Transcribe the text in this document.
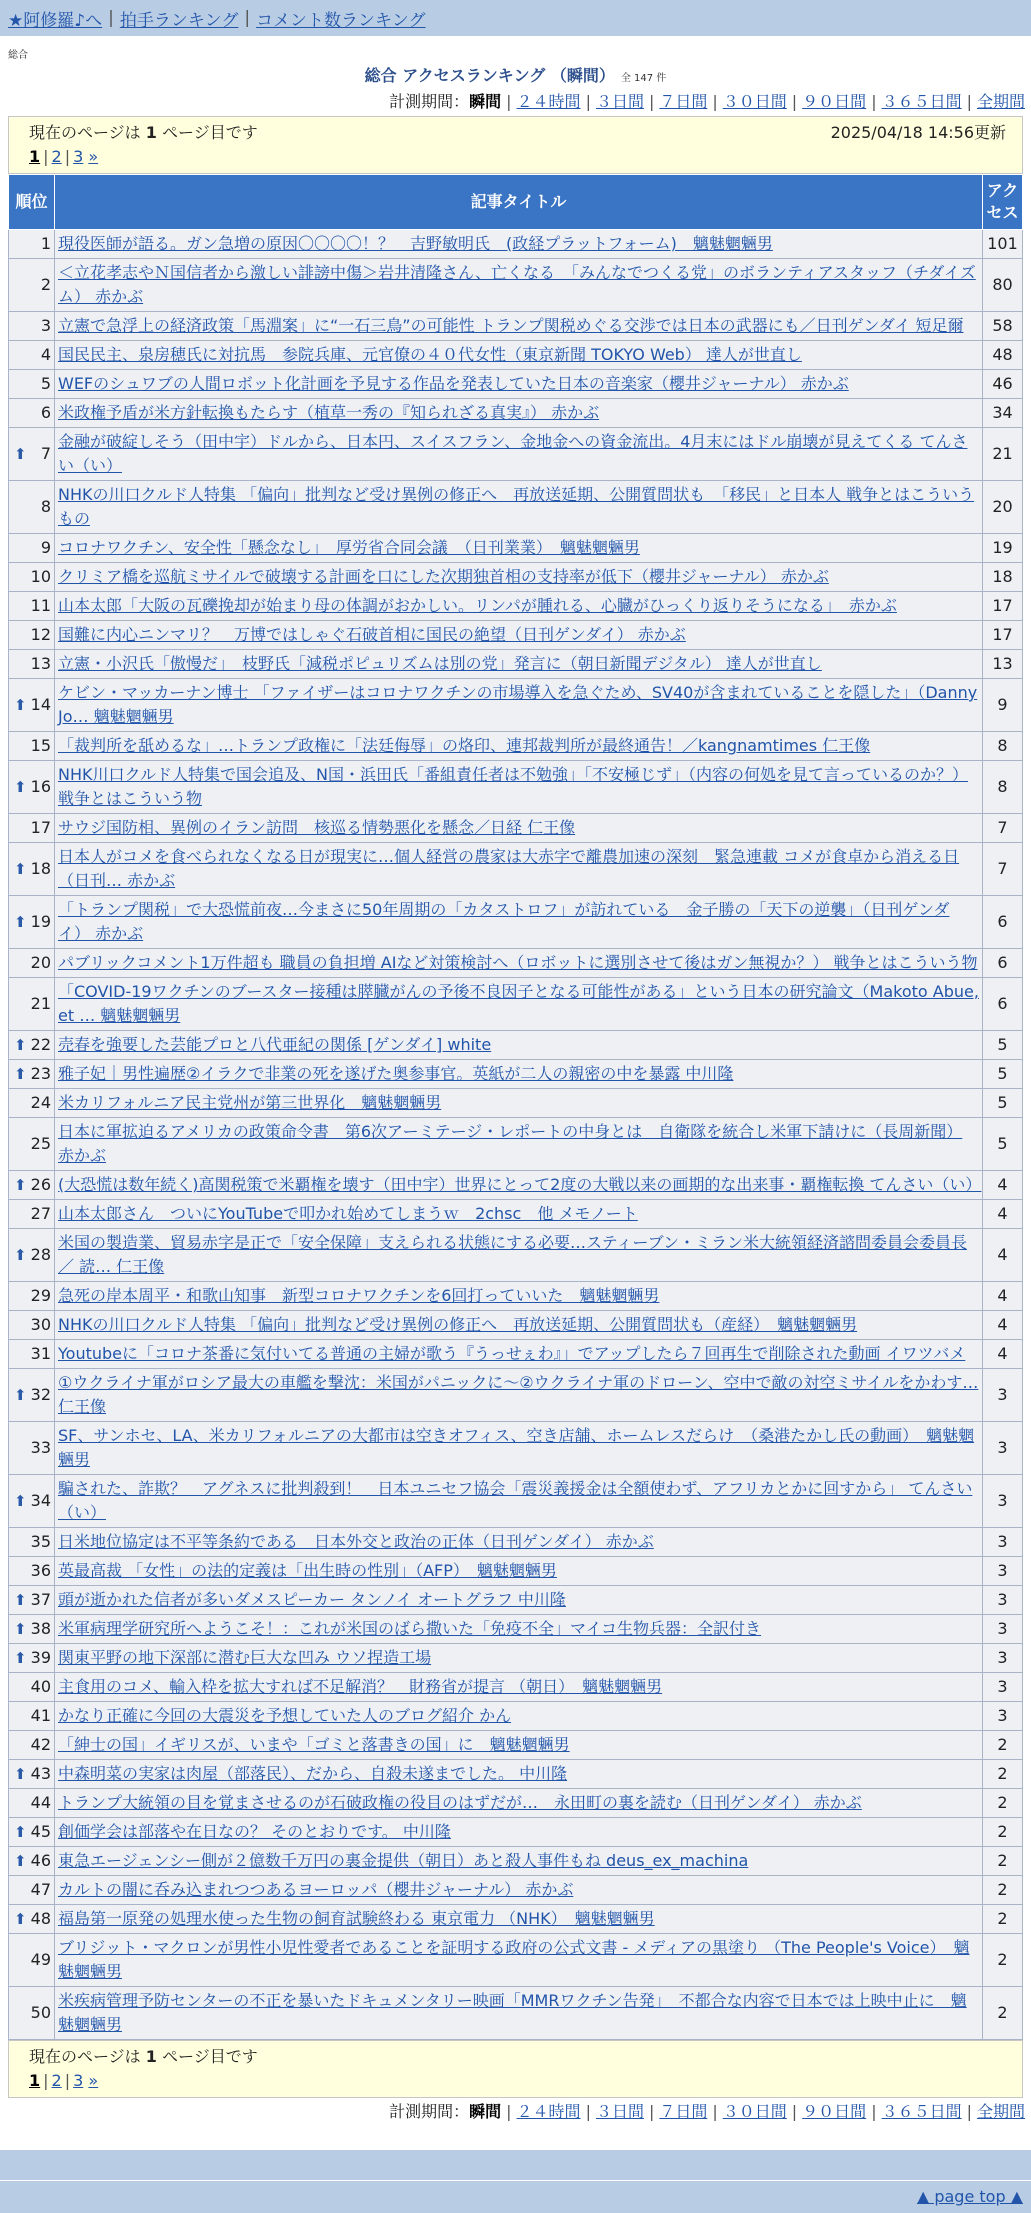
★阿修羅♪へ | 拍手ランキング | コメント数ランキング
総合
総合 アクセスランキング （瞬間） 全 147 件
計測期間：瞬間 | ２４時間 | ３日間 | ７日間 | ３０日間 | ９０日間 | ３６５日間 | 全期間
現在のページは 1 ページ目です	2025/04/18 14:56更新
1 | 2 | 3 »
順位	記事タイトル	アクセス
1	現役医師が語る。ガン急増の原因〇〇〇〇！？　吉野敏明氏　(政経プラットフォーム)　魑魅魍魎男	101
2	＜立花孝志やＮ国信者から激しい誹謗中傷＞岩井清隆さん、亡くなる　「みんなでつくる党」のボランティアスタッフ（チダイズム） 赤かぶ	80
3	立憲で急浮上の経済政策「馬淵案」に“一石三鳥”の可能性 トランプ関税めぐる交渉では日本の武器にも／日刊ゲンダイ 短足爾	58
4	国民民主、泉房穂氏に対抗馬　参院兵庫、元官僚の４０代女性（東京新聞 TOKYO Web） 達人が世直し	48
5	WEFのシュワブの人間ロボット化計画を予見する作品を発表していた日本の音楽家（櫻井ジャーナル） 赤かぶ	46
6	米政権予盾が米方針転換もたらす（植草一秀の『知られざる真実』） 赤かぶ	34

⬆ 7	金融が破綻しそう（田中宇）ドルから、日本円、スイスフラン、金地金への資金流出。4月末にはドル崩壊が見えてくる てんさい（い）	21
8	NHKの川口クルド人特集 「偏向」批判など受け異例の修正へ　再放送延期、公開質問状も　「移民」と日本人 戦争とはこういうもの	20
9	コロナワクチン、安全性「懸念なし」　厚労省合同会議　（日刊業業）　魑魅魍魎男	19
10	クリミア橋を巡航ミサイルで破壊する計画を口にした次期独首相の支持率が低下（櫻井ジャーナル） 赤かぶ	18
11	山本太郎「大阪の瓦礫挽却が始まり母の体調がおかしい。リンパが腫れる、心臓がひっくり返りそうになる」　赤かぶ	17
12	国難に内心ニンマリ？　万博ではしゃぐ石破首相に国民の絶望（日刊ゲンダイ） 赤かぶ	17
13	立憲・小沢氏「傲慢だ」　枝野氏「減税ポピュリズムは別の党」発言に（朝日新聞デジタル） 達人が世直し	13

⬆ 14	ケビン・マッカーナン博士 「ファイザーはコロナワクチンの市場導入を急ぐため、SV40が含まれていることを隠した」（Danny Jo… 魑魅魍魎男	9
15	「裁判所を舐めるな」…トランプ政権に「法廷侮辱」の烙印、連邦裁判所が最終通告！／kangnamtimes 仁王像	8

⬆ 16	NHK川口クルド人特集で国会追及、N国・浜田氏「番組責任者は不勉強」「不安極じず」（内容の何処を見て言っているのか？） 戦争とはこういう物	8
17	サウジ国防相、異例のイラン訪問　核巡る情勢悪化を懸念／日経 仁王像	7

⬆ 18	日本人がコメを食べられなくなる日が現実に…個人経営の農家は大赤字で離農加速の深刻　緊急連載 コメが食卓から消える日（日刊… 赤かぶ	7

⬆ 19	「トランプ関税」で大恐慌前夜…今まさに50年周期の「カタストロフ」が訪れている　金子勝の「天下の逆襲」（日刊ゲンダイ） 赤かぶ	6
20	パブリックコメント1万件超も 職員の負担増 AIなど対策検討へ（ロボットに選別させて後はガン無視か？） 戦争とはこういう物	6
21	「COVID-19ワクチンのブースター接種は膵臓がんの予後不良因子となる可能性がある」という日本の研究論文（Makoto Abue, et … 魑魅魍魎男	6

⬆ 22	売春を強要した芸能プロと八代亜紀の関係 [ゲンダイ] white	5

⬆ 23	雅子妃｜男性遍歴②イラクで非業の死を遂げた奥参事官。英紙が二人の親密の中を暴露 中川隆	5
24	米カリフォルニア民主党州が第三世界化　魑魅魍魎男	5
25	日本に軍拡迫るアメリカの政策命令書　第6次アーミテージ・レポートの中身とは　自衛隊を統合し米軍下請けに（長周新聞） 赤かぶ	5

⬆ 26	(大恐慌は数年続く)高関税策で米覇権を壊す（田中宇）世界にとって2度の大戦以来の画期的な出来事・覇権転換 てんさい（い）	4
27	山本太郎さん　ついにYouTubeで叩かれ始めてしまうｗ　2chsc　他 メモノート	4

⬆ 28	米国の製造業、貿易赤字是正で「安全保障」支えられる状態にする必要…スティーブン・ミラン米大統領経済諮問委員会委員長／ 読… 仁王像	4
29	急死の岸本周平・和歌山知事　新型コロナワクチンを6回打っていいた　魑魅魍魎男	4
30	NHKの川口クルド人特集 「偏向」批判など受け異例の修正へ　再放送延期、公開質問状も（産経）　魑魅魍魎男	4
31	Youtubeに「コロナ茶番に気付いてる普通の主婦が歌う『うっせぇわ』」でアップしたら７回再生で削除された動画 イワツバメ	4

⬆ 32	①ウクライナ軍がロシア最大の車艦を撃沈：米国がパニックに〜②ウクライナ軍のドローン、空中で敵の対空ミサイルをかわす… 仁王像	3
33	SF、サンホセ、LA、米カリフォルニアの大都市は空きオフィス、空き店舗、ホームレスだらけ　（桑港たかし氏の動画）　魑魅魍魎男	3

⬆ 34	騙された、詐欺？　アグネスに批判殺到！　日本ユニセフ協会「震災義援金は全額使わず、アフリカとかに回すから」 てんさい（い）	3
35	日米地位協定は不平等条約である　日本外交と政治の正体（日刊ゲンダイ） 赤かぶ	3
36	英最高裁 「女性」の法的定義は「出生時の性別」（AFP）　魑魅魍魎男	3

⬆ 37	頭が逝かれた信者が多いダメスピーカー タンノイ オートグラフ 中川隆	3

⬆ 38	米軍病理学研究所へようこそ！：これが米国のばら撒いた「免疫不全」マイコ生物兵器：全訳付き	3

⬆ 39	関東平野の地下深部に潜む巨大な凹み ウソ捏造工場	3
40	主食用のコメ、輸入枠を拡大すれば不足解消？　財務省が提言 （朝日）　魑魅魍魎男	3
41	かなり正確に今回の大震災を予想していた人のブログ紹介 かん	3
42	「紳士の国」イギリスが、いまや「ゴミと落書きの国」に　魑魅魍魎男	2

⬆ 43	中森明菜の実家は肉屋（部落民）、だから、自殺未遂までした。 中川隆	2
44	トランプ大統領の目を覚まさせるのが石破政権の役目のはずだが…　永田町の裏を読む（日刊ゲンダイ） 赤かぶ	2

⬆ 45	創価学会は部落や在日なの？ そのとおりです。 中川隆	2

⬆ 46	東急エージェンシー側が２億数千万円の裏金提供（朝日）あと殺人事件もね deus_ex_machina	2
47	カルトの闇に呑み込まれつつあるヨーロッパ（櫻井ジャーナル） 赤かぶ	2

⬆ 48	福島第一原発の処理水使った生物の飼育試験終わる 東京電力 （NHK）　魑魅魍魎男	2
49	ブリジット・マクロンが男性小児性愛者であることを証明する政府の公式文書 - メディアの黒塗り （The People's Voice）　魑魅魍魎男	2
50	米疾病管理予防センターの不正を暴いたドキュメンタリー映画「MMRワクチン告発」　不都合な内容で日本では上映中止に　魑魅魍魎男	2
現在のページは 1 ページ目です
1 | 2 | 3 »
計測期間：瞬間 | ２４時間 | ３日間 | ７日間 | ３０日間 | ９０日間 | ３６５日間 | 全期間
▲ page top ▲
